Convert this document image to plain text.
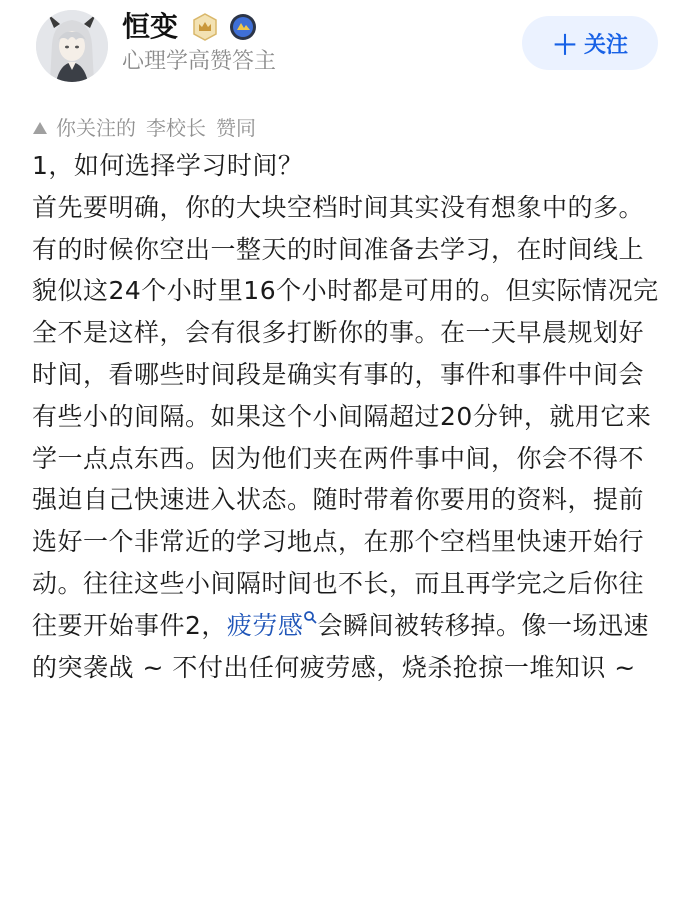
恒变
心理学高赞答主
＋ 关注
你关注的 李校长 赞同

1，如何选择学习时间？

首先要明确，你的大块空档时间其实没有想象中的多。有的时候你空出一整天的时间准备去学习，在时间线上貌似这24个小时里16个小时都是可用的。但实际情况完全不是这样，会有很多打断你的事。在一天早晨规划好时间，看哪些时间段是确实有事的，事件和事件中间会有些小的间隔。如果这个小间隔超过20分钟，就用它来学一点点东西。因为他们夹在两件事中间，你会不得不强迫自己快速进入状态。随时带着你要用的资料，提前选好一个非常近的学习地点，在那个空档里快速开始行动。往往这些小间隔时间也不长，而且再学完之后你往往要开始事件2，疲劳感 会瞬间被转移掉。像一场迅速的突袭战 ~ 不付出任何疲劳感，烧杀抢掠一堆知识 ~
